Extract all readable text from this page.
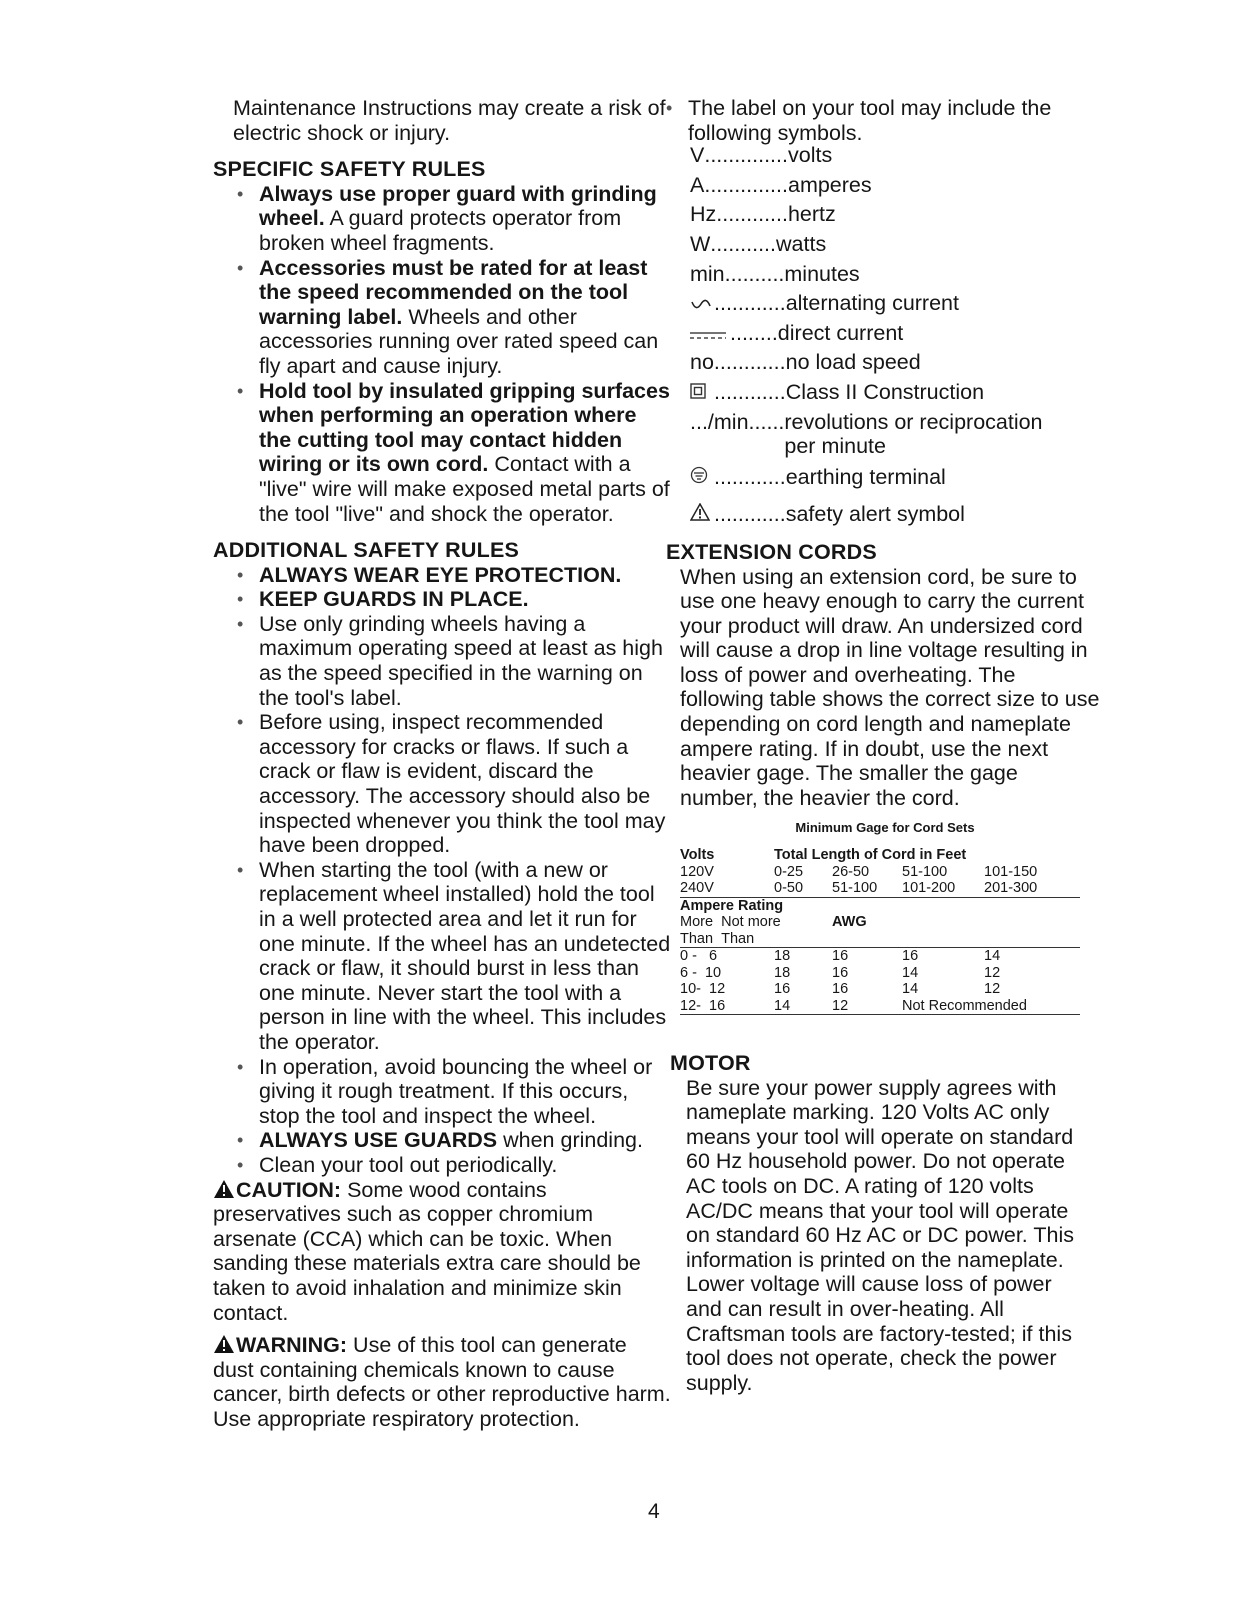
Maintenance Instructions may create a risk of electric shock or injury.

SPECIFIC SAFETY RULES
• Always use proper guard with grinding wheel. A guard protects operator from broken wheel fragments.
• Accessories must be rated for at least the speed recommended on the tool warning label. Wheels and other accessories running over rated speed can fly apart and cause injury.
• Hold tool by insulated gripping surfaces when performing an operation where the cutting tool may contact hidden wiring or its own cord. Contact with a "live" wire will make exposed metal parts of the tool "live" and shock the operator.
ADDITIONAL SAFETY RULES
• ALWAYS WEAR EYE PROTECTION.
• KEEP GUARDS IN PLACE.
• Use only grinding wheels having a maximum operating speed at least as high as the speed specified in the warning on the tool's label.
• Before using, inspect recommended accessory for cracks or flaws. If such a crack or flaw is evident, discard the accessory. The accessory should also be inspected whenever you think the tool may have been dropped.
• When starting the tool (with a new or replacement wheel installed) hold the tool in a well protected area and let it run for one minute. If the wheel has an undetected crack or flaw, it should burst in less than one minute. Never start the tool with a person in line with the wheel. This includes the operator.
• In operation, avoid bouncing the wheel or giving it rough treatment. If this occurs, stop the tool and inspect the wheel.
• ALWAYS USE GUARDS when grinding.
• Clean your tool out periodically.

CAUTION: Some wood contains preservatives such as copper chromium arsenate (CCA) which can be toxic. When sanding these materials extra care should be taken to avoid inhalation and minimize skin contact.

WARNING: Use of this tool can generate dust containing chemicals known to cause cancer, birth defects or other reproductive harm. Use appropriate respiratory protection.

• The label on your tool may include the following symbols.
V .............. volts
A .............. amperes
Hz ............ hertz
W ........... watts
min .......... minutes
............ alternating current
........ direct current
no ............ no load speed
............ Class II Construction
.../min ...... revolutions or reciprocation per minute
............ earthing terminal
............ safety alert symbol
EXTENSION CORDS

When using an extension cord, be sure to use one heavy enough to carry the current your product will draw. An undersized cord will cause a drop in line voltage resulting in loss of power and overheating. The following table shows the correct size to use depending on cord length and nameplate ampere rating. If in doubt, use the next heavier gage. The smaller the gage number, the heavier the cord.

Minimum Gage for Cord Sets
Volts	Total Length of Cord in Feet			
120V	0-25	26-50	51-100	101-150
240V	0-50	51-100	101-200	201-300

Ampere Rating				
More Not more		AWG		
Than Than				

0 - 6	18	16	16	14
6 - 10	18	16	14	12
10- 12	16	16	14	12
12- 16	14	12	Not Recommended	

MOTOR

Be sure your power supply agrees with nameplate marking. 120 Volts AC only means your tool will operate on standard 60 Hz household power. Do not operate AC tools on DC. A rating of 120 volts AC/DC means that your tool will operate on standard 60 Hz AC or DC power. This information is printed on the nameplate. Lower voltage will cause loss of power and can result in over-heating. All Craftsman tools are factory-tested; if this tool does not operate, check the power supply.

4
